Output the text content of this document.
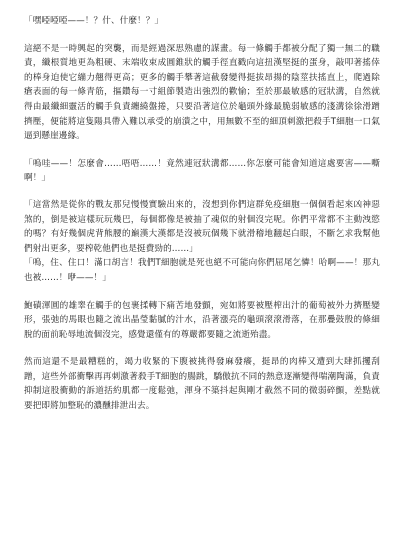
「嘿啞啞啞——！？什、什麼！？」

這絕不是一時興起的突襲，而是經過深思熟慮的謀畫。每一條觸手都被分配了獨一無二的職責，纖根質地更為粗硬、末端收束成圓錐狀的觸手徑直戳向這扭漢堅挺的蛋身，敲叩著搖倖的棒身迫使它繃力翹得更高；更多的觸手攀著這截發變得挺拔昂揚的陰莖扶搖直上，爬過除瘡表面的每一條青筋，摳鑽每一寸組節製造出強烈的歡愉；至於那最敏感的冠狀溝，自然就得由最纖細靈活的觸手負責纏繞盤捲，只要沿著這位於龜頭外緣最脆弱敏感的淺溝徐徐滑蹭擠壓，便能將這隻陽具帶入難以承受的崩潰之中，用無數不至的細頂刺激把殺手T細胞一口氣逼到懸崖邊緣。

「嗚哇——！怎麼會……唔唔……！竟然連冠狀溝都……你怎麼可能會知道這處要害——嘶啊！」

「這當然是從你的戰友那兒慢慢實驗出來的，沒想到你們這群免疫細胞一個個看起來凶神惡煞的，倒是被這樣玩玩幾巴，每個都像是被抽了魂似的射個沒完呢。你們平常都不主動洩慾的嗎？有好幾個虎背熊腰的巔漢大漢都是沒被玩個幾下就滑稽地翻起白眼，不斷乞求我幫他們射出更多，要榨乾他們也是挺費勁的……」

「嗚，住、住口！滿口胡言！我們T細胞就是死也絕不可能向你們屈尾乞憐！哈啊——！那丸也被……！咿——！」

鮑磧渾圓的雄睾在觸手的包裹揉轉下痛苦地發顫，宛如將要被壓榨出汁的葡萄被外力擠壓變形，張弛的馬眼也隨之流出晶瑩黏膩的汁水，沿著漲亮的龜頭滾滾滑落，在那疊鼓殷的條細脫的面前恥辱地流個沒完，感覺還僅有的尊嚴都要隨之流逝殆盡。

然而這還不是最糟糕的，竭力收緊的下腹被挑得發麻發癢，挺昂的肉棒又遭到大肆抓攫刮蹭，這些外部衝擊再再刺激著殺手T細胞的腸跳，驕傲抗不同的熱意逐漸變得喘潮陶滿，負責抑制這股衝動的訴道括約肌都一度鬆弛，渾身不築抖起與剛才截然不同的微弱碎顫，差點就要把即將加整恥的濃醺排泄出去。
